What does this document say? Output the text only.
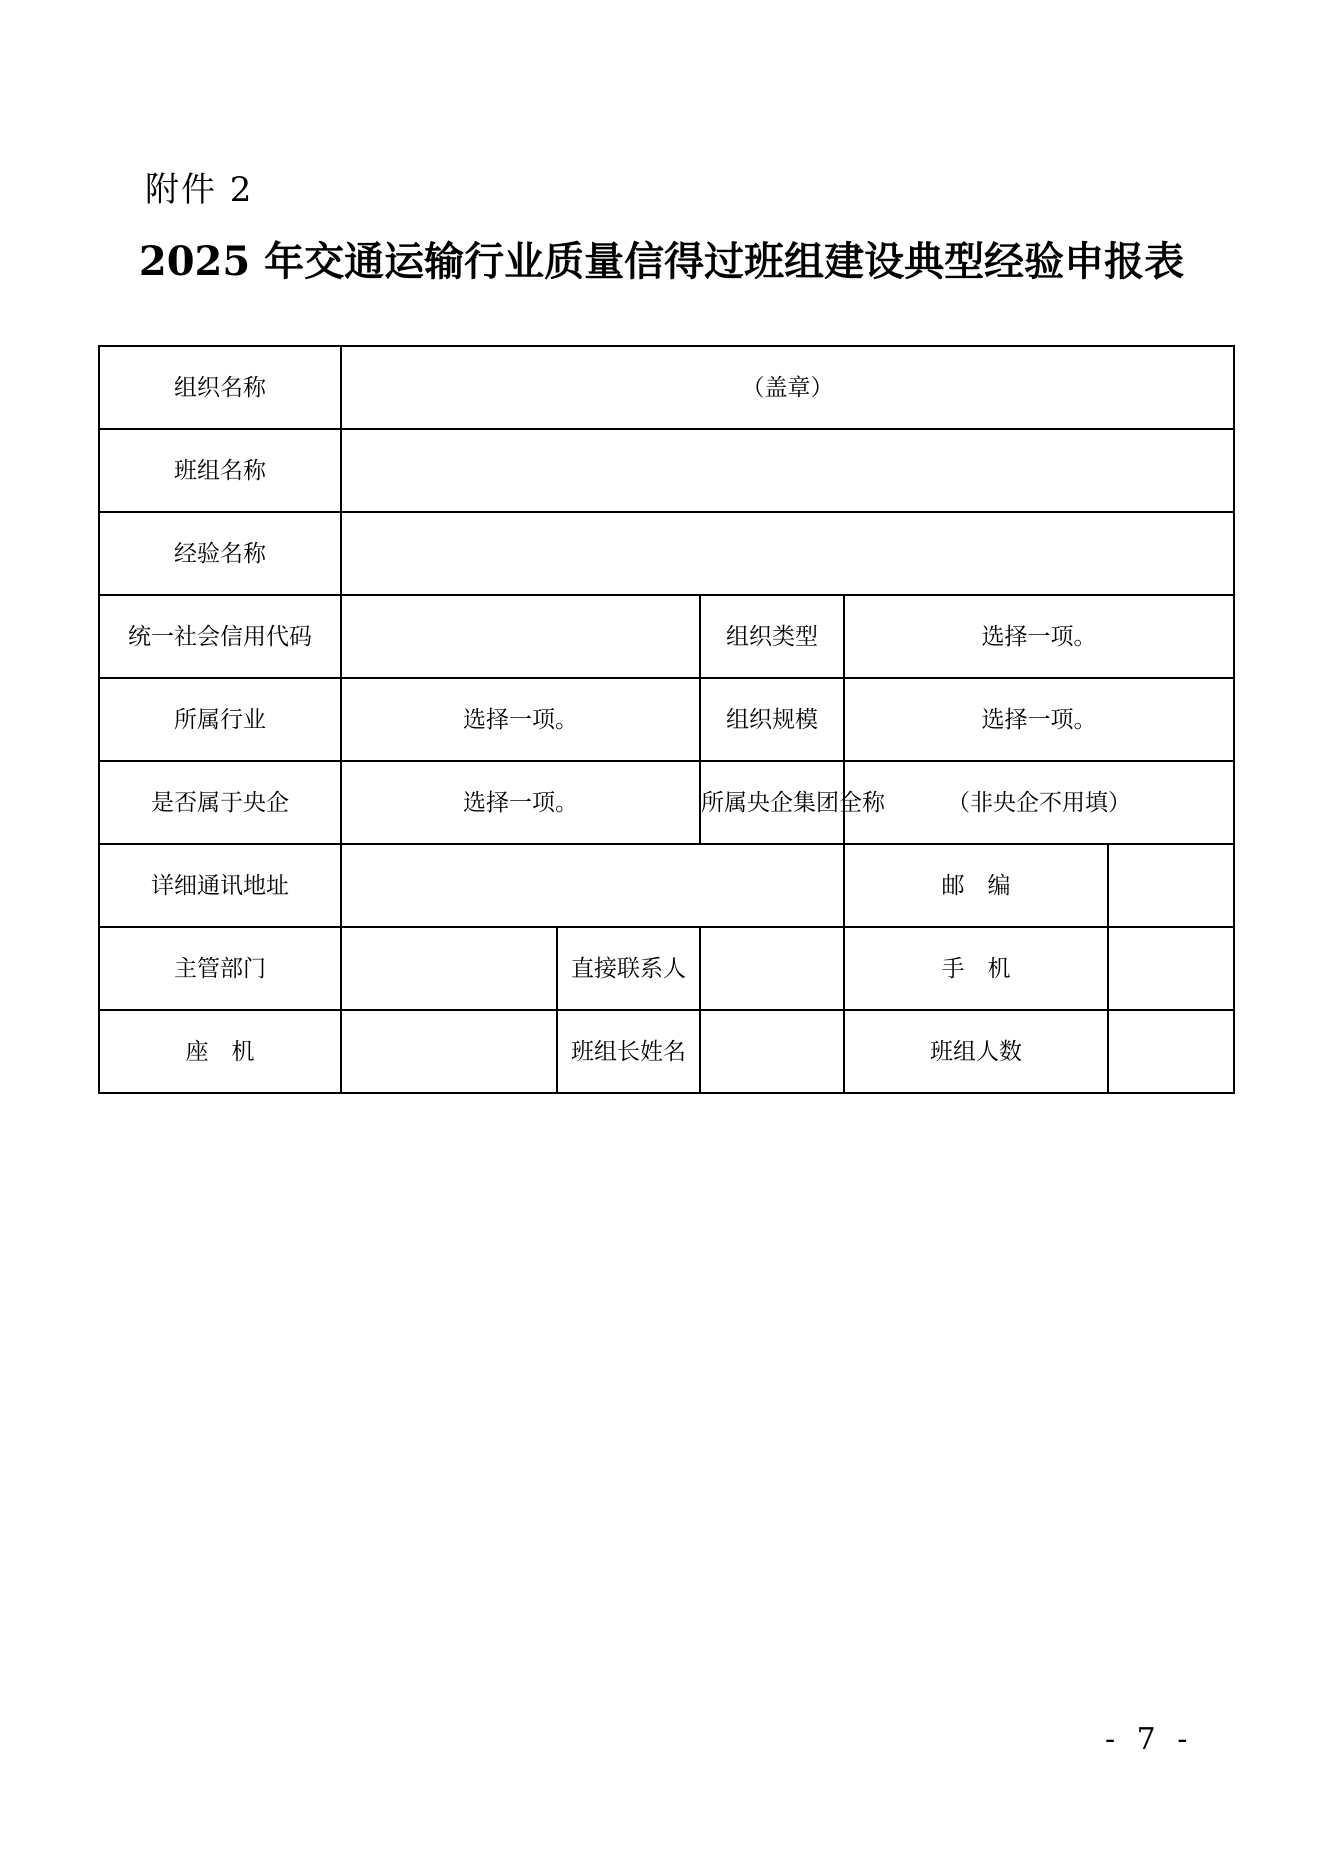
附件 2
2025 年交通运输行业质量信得过班组建设典型经验申报表
组织名称	（盖章）				
班组名称					
经验名称					
统一社会信用代码			组织类型	选择一项。	
所属行业	选择一项。		组织规模	选择一项。	
是否属于央企	选择一项。		所属央企集团全称	（非央企不用填）	
详细通讯地址				邮　编	
主管部门		直接联系人		手　机	
座　机		班组长姓名		班组人数	
- 7 -
